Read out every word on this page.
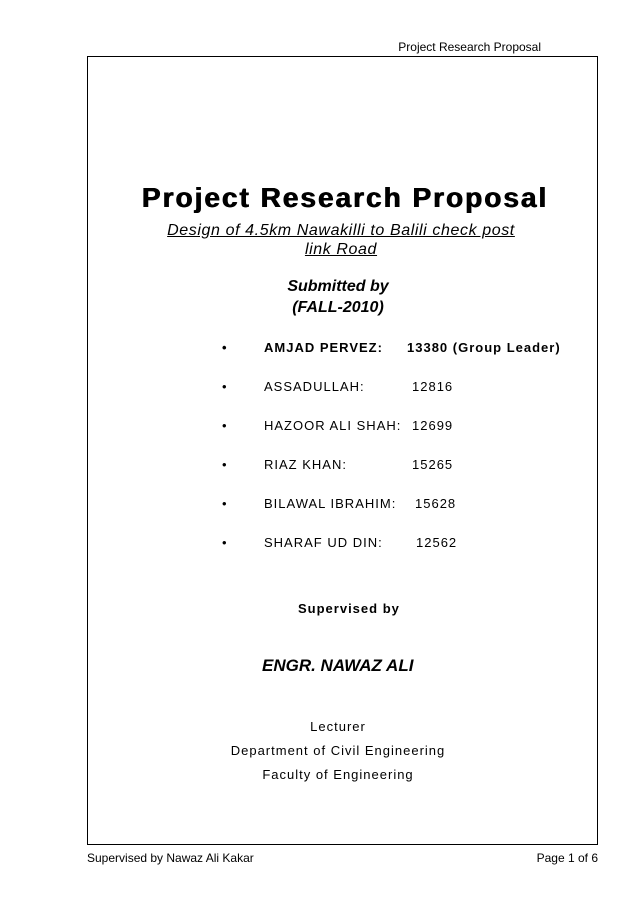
Project Research Proposal
Project Research Proposal
Design of 4.5km Nawakilli to Balili check post
link Road
Submitted by
(FALL-2010)
•	AMJAD PERVEZ: 13380 (Group Leader)
•	ASSADULLAH:	12816
•	HAZOOR ALI SHAH: 12699
•	RIAZ KHAN:	15265
•	BILAWAL IBRAHIM: 15628
•	SHARAF UD DIN:	12562
Supervised by
ENGR. NAWAZ ALI
Lecturer
Department of Civil Engineering
Faculty of Engineering
Supervised by Nawaz Ali Kakar	Page 1 of 6
